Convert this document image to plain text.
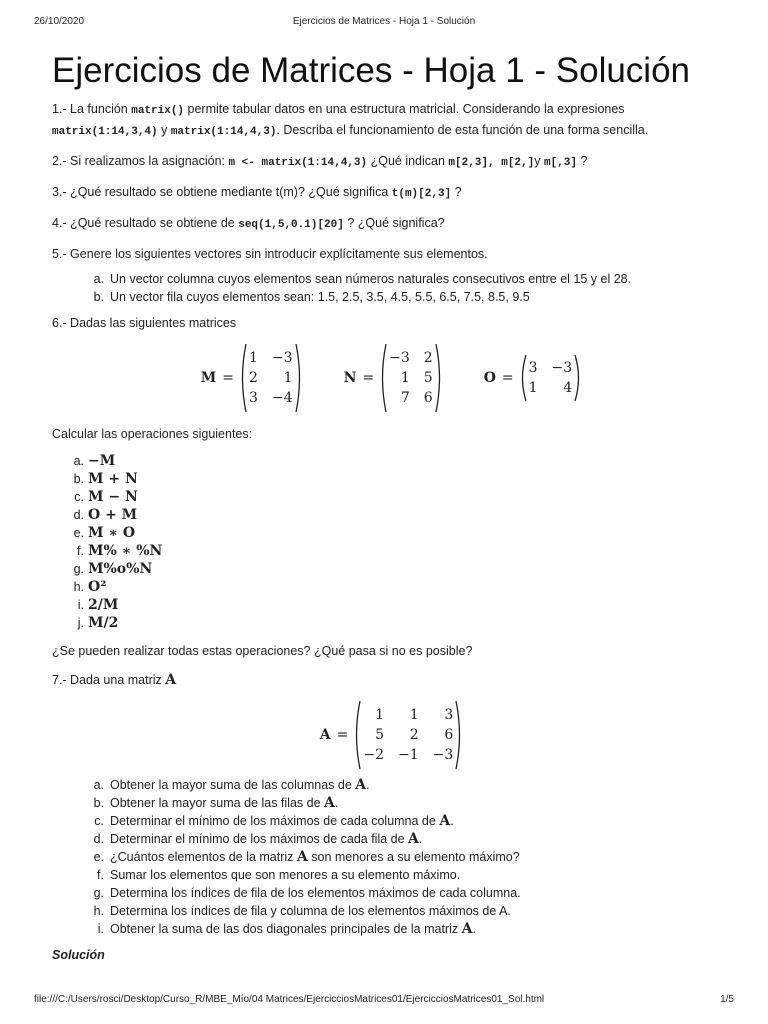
26/10/2020	Ejercicios de Matrices - Hoja 1 - Solución
Ejercicios de Matrices - Hoja 1 - Solución

1.- La función matrix() permite tabular datos en una estructura matricial. Considerando la expresiones matrix(1:14,3,4) y matrix(1:14,4,3). Describa el funcionamiento de esta función de una forma sencilla.

2.- Si realizamos la asignación: m <- matrix(1:14,4,3) ¿Qué indican m[2,3], m[2,]y m[,3] ?

3.- ¿Qué resultado se obtiene mediante t(m)? ¿Qué significa t(m)[2,3] ?

4.- ¿Qué resultado se obtiene de seq(1,5,0.1)[20] ? ¿Qué significa?

5.- Genere los siguientes vectores sin introducir explícitamente sus elementos.

a. Un vector columna cuyos elementos sean números naturales consecutivos entre el 15 y el 28.
b. Un vector fila cuyos elementos sean: 1.5, 2.5, 3.5, 4.5, 5.5, 6.5, 7.5, 8.5, 9.5

6.- Dadas las siguientes matrices

M =
1 −3
2	1
3 −4
N =
−3 2
1 5
7 6
O =
3 −3
1	4

Calcular las operaciones siguientes:

a. −M
b. M + N
c. M − N
d. O + M
e. M ∗ O
f. M% ∗ %N
g. M%o%N
h. O²
i. 2/M
j. M/2

¿Se pueden realizar todas estas operaciones? ¿Qué pasa si no es posible?

7.- Dada una matriz A

A =
1	1	3
5	2	6
−2 −1 −3
a. Obtener la mayor suma de las columnas de A.
b. Obtener la mayor suma de las filas de A.
c. Determinar el mínimo de los máximos de cada columna de A.
d. Determinar el mínimo de los máximos de cada fila de A.
e. ¿Cuántos elementos de la matriz A son menores a su elemento máximo?
f. Sumar los elementos que son menores a su elemento máximo.
g. Determina los índices de fila de los elementos máximos de cada columna.
h. Determina los índices de fila y columna de los elementos máximos de A.
i. Obtener la suma de las dos diagonales principales de la matriz A.

Solución

file:///C:/Users/rosci/Desktop/Curso_R/MBE_Mío/04 Matrices/EjercicciosMatrices01/EjercicciosMatrices01_Sol.html	1/5
